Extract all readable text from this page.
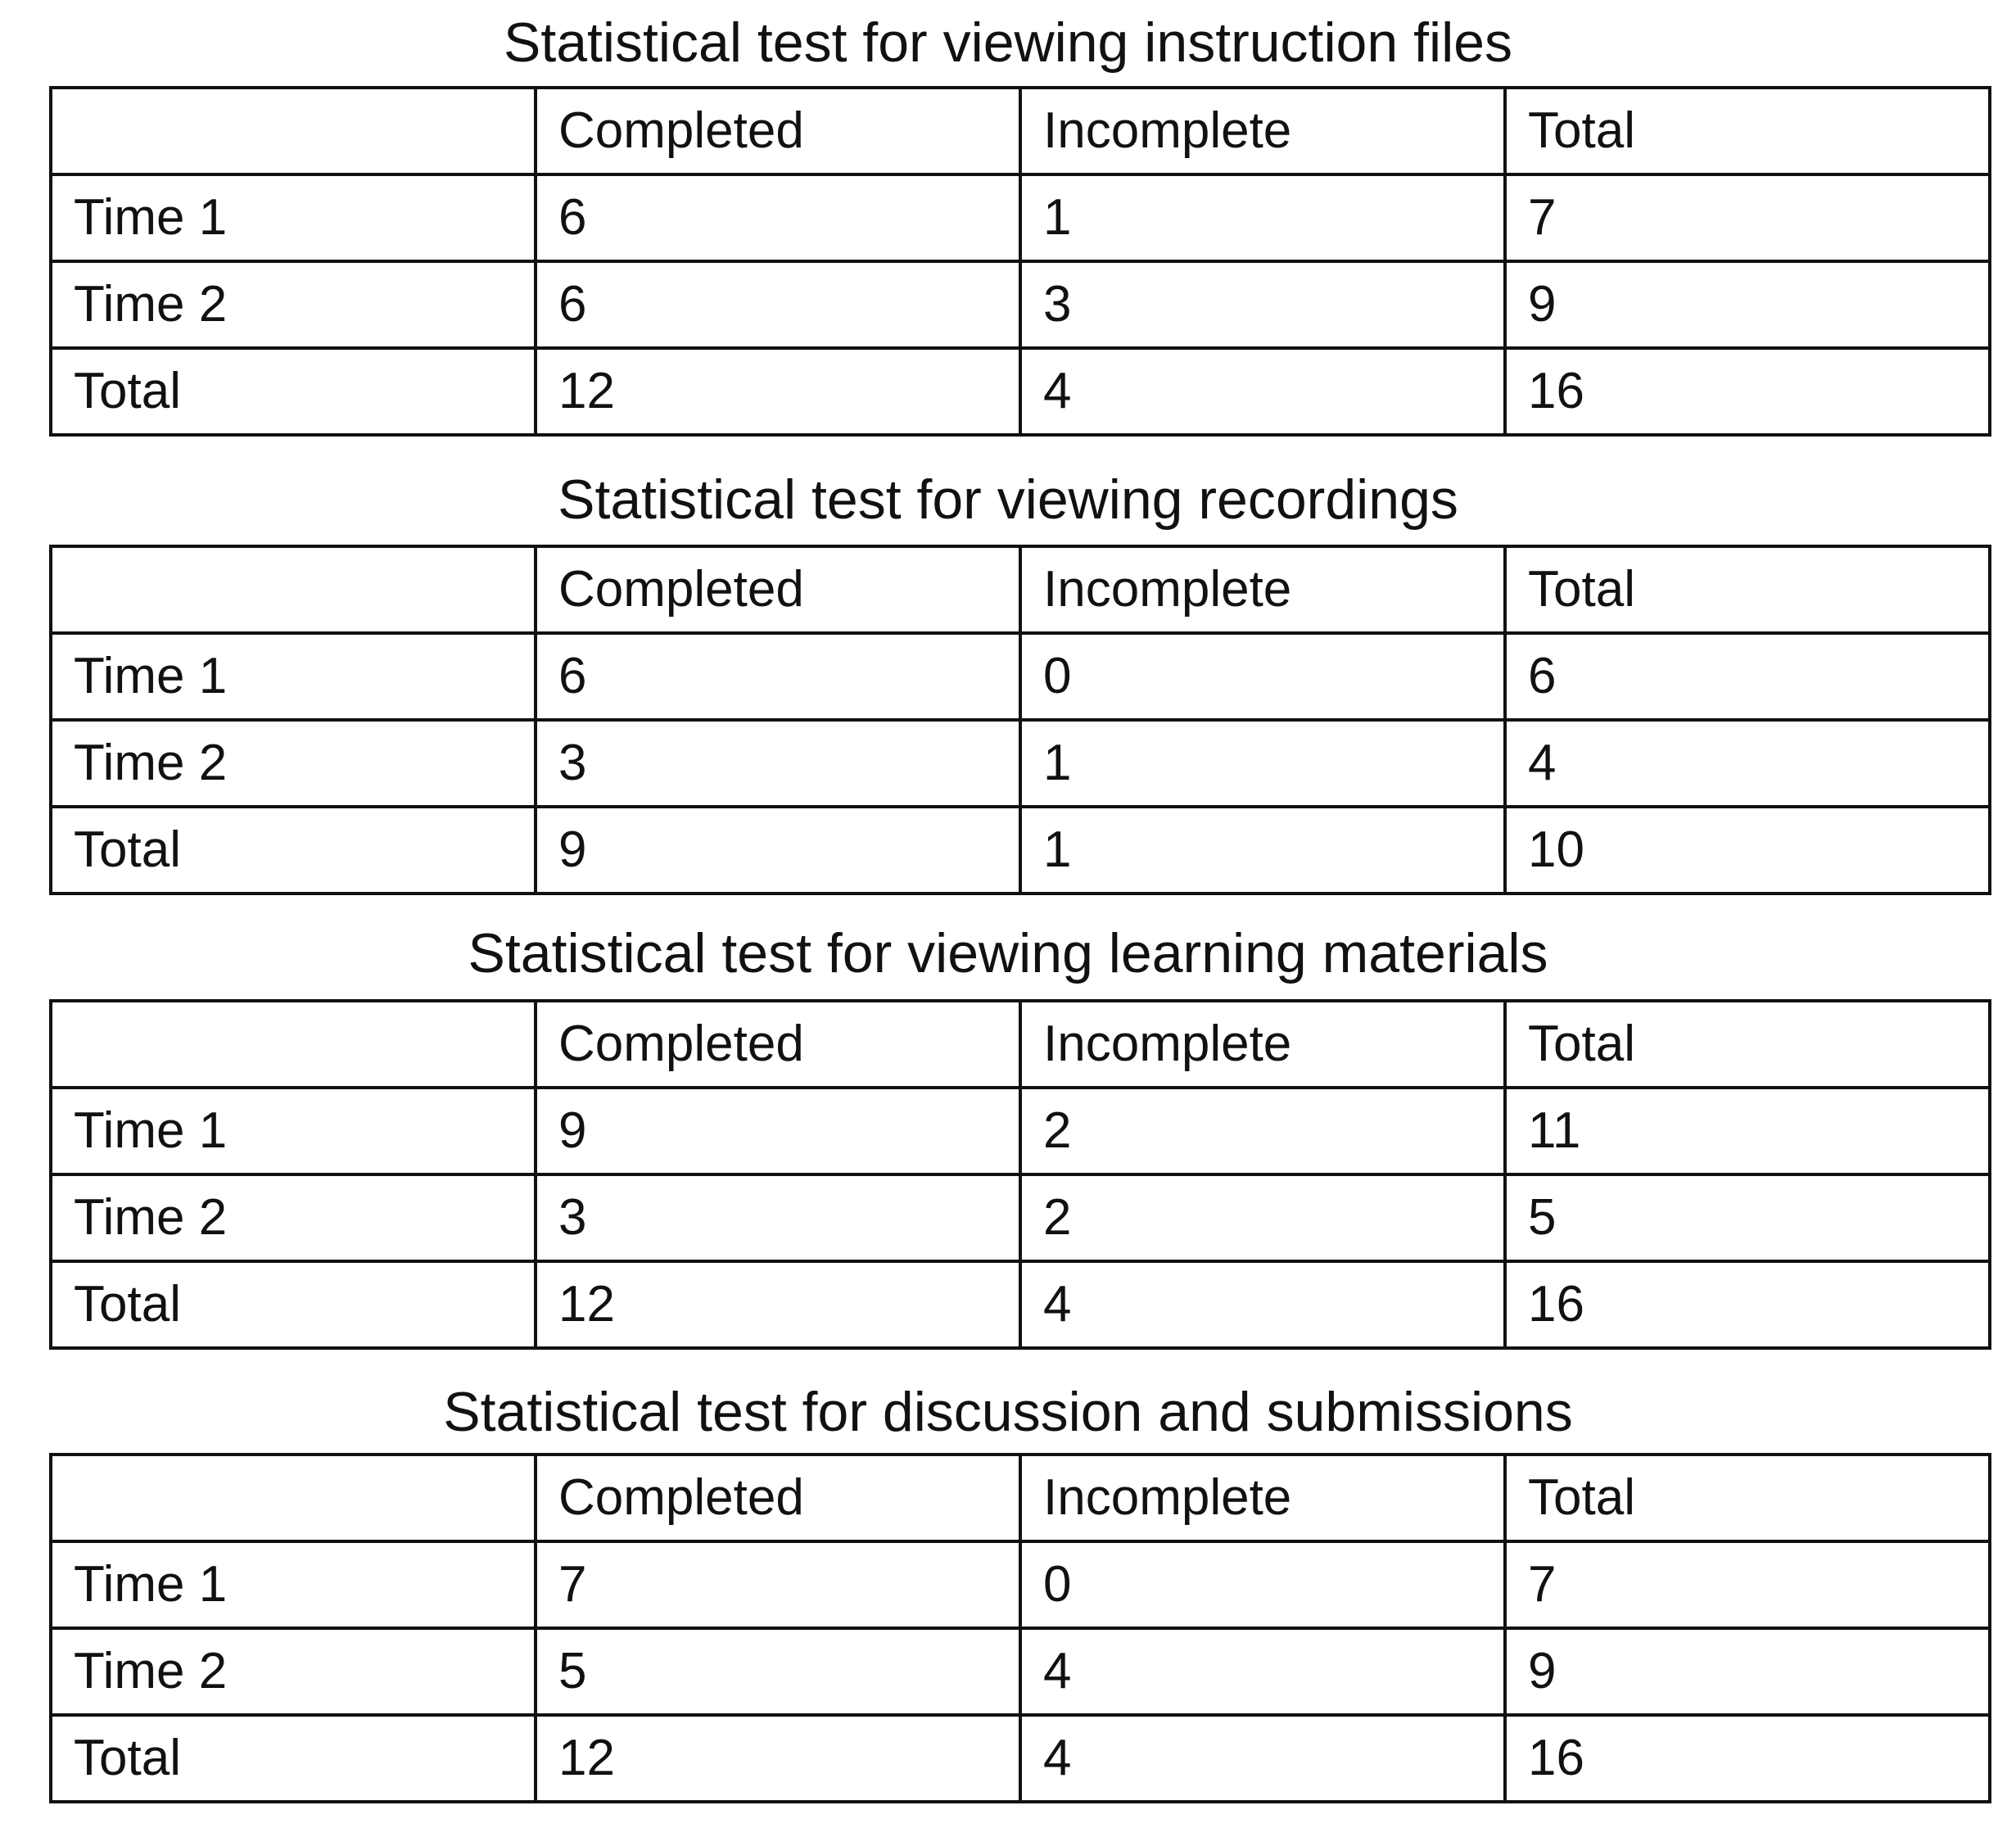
Statistical test for viewing instruction files
	Completed	Incomplete	Total
Time 1	6	1	7
Time 2	6	3	9
Total	12	4	16
Statistical test for viewing recordings
	Completed	Incomplete	Total
Time 1	6	0	6
Time 2	3	1	4
Total	9	1	10
Statistical test for viewing learning materials
	Completed	Incomplete	Total
Time 1	9	2	11
Time 2	3	2	5
Total	12	4	16
Statistical test for discussion and submissions
	Completed	Incomplete	Total
Time 1	7	0	7
Time 2	5	4	9
Total	12	4	16
